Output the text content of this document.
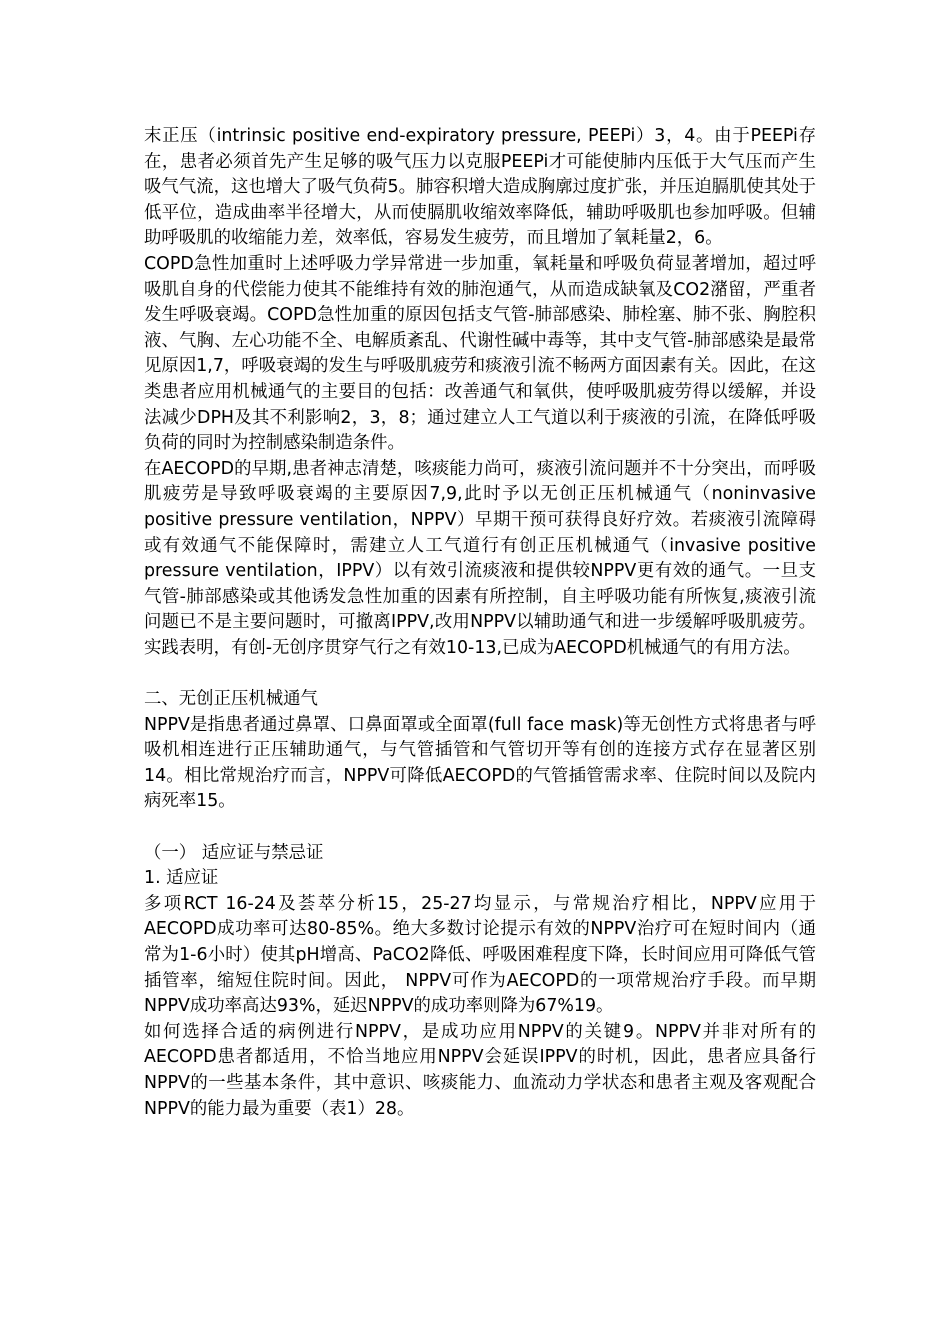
末正压（intrinsic positive end-expiratory pressure, PEEPi）3，4。由于PEEPi存在，患者必须首先产生足够的吸气压力以克服PEEPi才可能使肺内压低于大气压而产生吸气气流，这也增大了吸气负荷5。肺容积增大造成胸廓过度扩张，并压迫膈肌使其处于低平位，造成曲率半径增大，从而使膈肌收缩效率降低，辅助呼吸肌也参加呼吸。但辅助呼吸肌的收缩能力差，效率低，容易发生疲劳，而且增加了氧耗量2，6。

COPD急性加重时上述呼吸力学异常进一步加重，氧耗量和呼吸负荷显著增加，超过呼吸肌自身的代偿能力使其不能维持有效的肺泡通气，从而造成缺氧及CO2潴留，严重者发生呼吸衰竭。COPD急性加重的原因包括支气管-肺部感染、肺栓塞、肺不张、胸腔积液、气胸、左心功能不全、电解质紊乱、代谢性碱中毒等，其中支气管-肺部感染是最常见原因1,7，呼吸衰竭的发生与呼吸肌疲劳和痰液引流不畅两方面因素有关。因此，在这类患者应用机械通气的主要目的包括：改善通气和氧供，使呼吸肌疲劳得以缓解，并设法减少DPH及其不利影响2，3，8；通过建立人工气道以利于痰液的引流，在降低呼吸负荷的同时为控制感染制造条件。

在AECOPD的早期,患者神志清楚，咳痰能力尚可，痰液引流问题并不十分突出，而呼吸肌疲劳是导致呼吸衰竭的主要原因7,9,此时予以无创正压机械通气（noninvasive positive pressure ventilation，NPPV）早期干预可获得良好疗效。若痰液引流障碍或有效通气不能保障时，需建立人工气道行有创正压机械通气（invasive positive pressure ventilation，IPPV）以有效引流痰液和提供较NPPV更有效的通气。一旦支气管-肺部感染或其他诱发急性加重的因素有所控制，自主呼吸功能有所恢复,痰液引流问题已不是主要问题时，可撤离IPPV,改用NPPV以辅助通气和进一步缓解呼吸肌疲劳。实践表明，有创-无创序贯穿气行之有效10-13,已成为AECOPD机械通气的有用方法。

二、无创正压机械通气

NPPV是指患者通过鼻罩、口鼻面罩或全面罩(full face mask)等无创性方式将患者与呼吸机相连进行正压辅助通气，与气管插管和气管切开等有创的连接方式存在显著区别14。相比常规治疗而言，NPPV可降低AECOPD的气管插管需求率、住院时间以及院内病死率15。

（一） 适应证与禁忌证

1. 适应证

多项RCT 16-24及荟萃分析15，25-27均显示，与常规治疗相比，NPPV应用于AECOPD成功率可达80-85%。绝大多数讨论提示有效的NPPV治疗可在短时间内（通常为1-6小时）使其pH增高、PaCO2降低、呼吸困难程度下降，长时间应用可降低气管插管率，缩短住院时间。因此， NPPV可作为AECOPD的一项常规治疗手段。而早期NPPV成功率高达93%，延迟NPPV的成功率则降为67%19。

如何选择合适的病例进行NPPV，是成功应用NPPV的关键9。NPPV并非对所有的AECOPD患者都适用，不恰当地应用NPPV会延误IPPV的时机，因此，患者应具备行NPPV的一些基本条件，其中意识、咳痰能力、血流动力学状态和患者主观及客观配合NPPV的能力最为重要（表1）28。
